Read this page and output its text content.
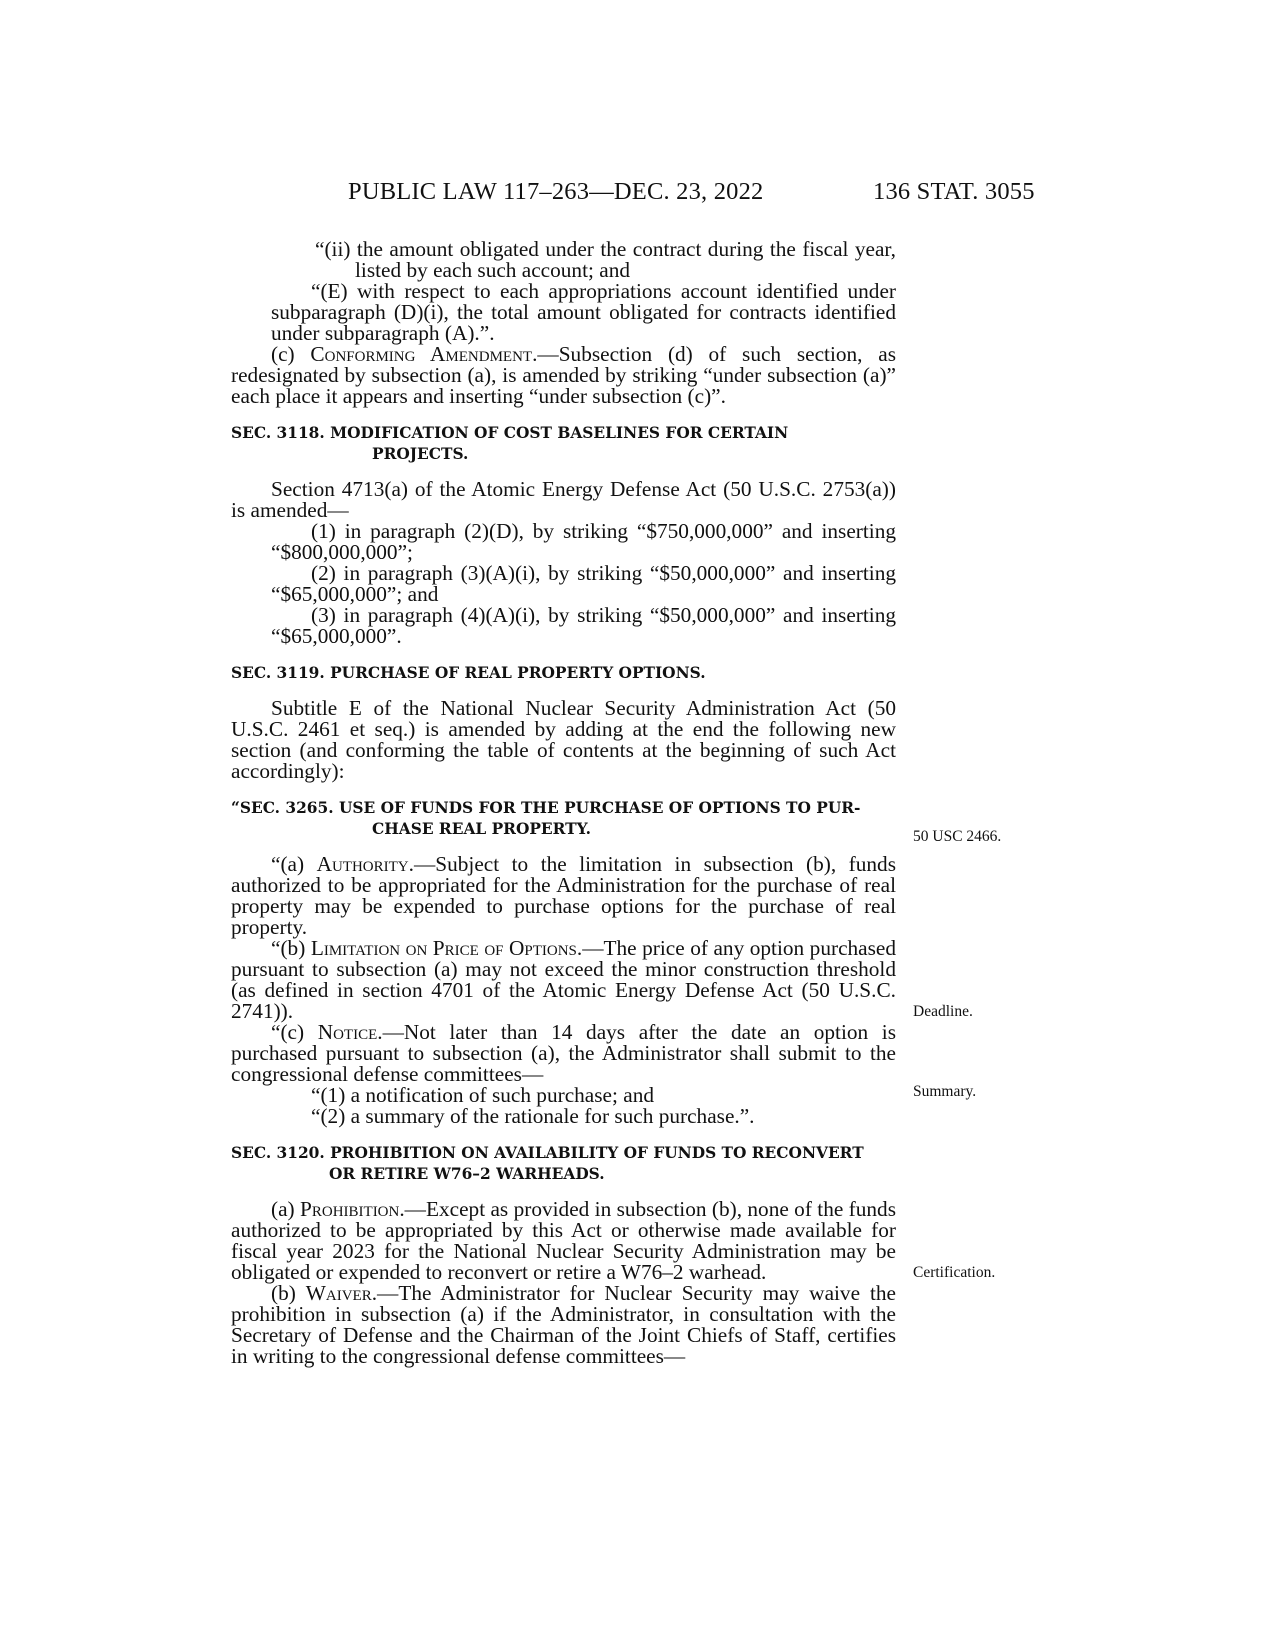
PUBLIC LAW 117–263—DEC. 23, 2022	136 STAT. 3055

“(ii) the amount obligated under the contract during the fiscal year, listed by each such account; and

“(E) with respect to each appropriations account identified under subparagraph (D)(i), the total amount obligated for contracts identified under subparagraph (A).”.

(c) Conforming Amendment.—Subsection (d) of such section, as redesignated by subsection (a), is amended by striking “under subsection (a)” each place it appears and inserting “under subsection (c)”.

SEC. 3118. MODIFICATION OF COST BASELINES FOR CERTAIN
PROJECTS.

Section 4713(a) of the Atomic Energy Defense Act (50 U.S.C. 2753(a)) is amended—

(1) in paragraph (2)(D), by striking “$750,000,000” and inserting “$800,000,000”;

(2) in paragraph (3)(A)(i), by striking “$50,000,000” and inserting “$65,000,000”; and

(3) in paragraph (4)(A)(i), by striking “$50,000,000” and inserting “$65,000,000”.

SEC. 3119. PURCHASE OF REAL PROPERTY OPTIONS.

Subtitle E of the National Nuclear Security Administration Act (50 U.S.C. 2461 et seq.) is amended by adding at the end the following new section (and conforming the table of contents at the beginning of such Act accordingly):

“SEC. 3265. USE OF FUNDS FOR THE PURCHASE OF OPTIONS TO PUR-
CHASE REAL PROPERTY.

“(a) Authority.—Subject to the limitation in subsection (b), funds authorized to be appropriated for the Administration for the purchase of real property may be expended to purchase options for the purchase of real property.

“(b) Limitation on Price of Options.—The price of any option purchased pursuant to subsection (a) may not exceed the minor construction threshold (as defined in section 4701 of the Atomic Energy Defense Act (50 U.S.C. 2741)).

“(c) Notice.—Not later than 14 days after the date an option is purchased pursuant to subsection (a), the Administrator shall submit to the congressional defense committees—

“(1) a notification of such purchase; and

“(2) a summary of the rationale for such purchase.”.

SEC. 3120. PROHIBITION ON AVAILABILITY OF FUNDS TO RECONVERT
OR RETIRE W76–2 WARHEADS.

(a) Prohibition.—Except as provided in subsection (b), none of the funds authorized to be appropriated by this Act or otherwise made available for fiscal year 2023 for the National Nuclear Security Administration may be obligated or expended to reconvert or retire a W76–2 warhead.

(b) Waiver.—The Administrator for Nuclear Security may waive the prohibition in subsection (a) if the Administrator, in consultation with the Secretary of Defense and the Chairman of the Joint Chiefs of Staff, certifies in writing to the congressional defense committees—

50 USC 2466.
Deadline.
Summary.
Certification.
